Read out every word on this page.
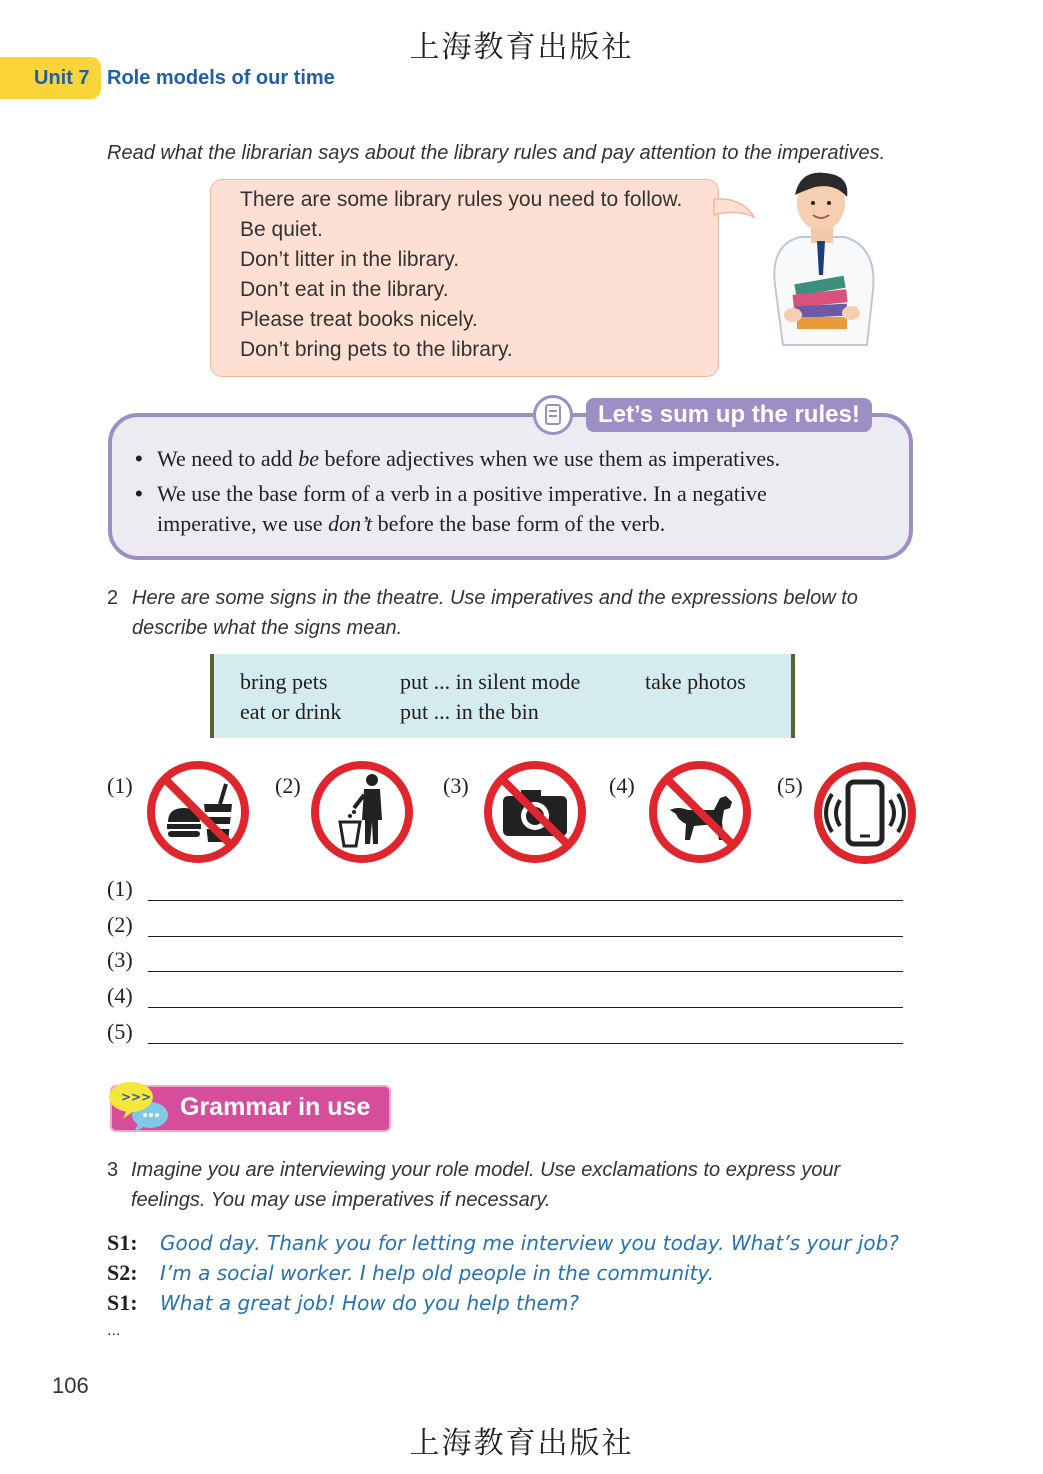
上海教育出版社
Unit 7 Role models of our time
Read what the librarian says about the library rules and pay attention to the imperatives.
There are some library rules you need to follow.
Be quiet.
Don’t litter in the library.
Don’t eat in the library.
Please treat books nicely.
Don’t bring pets to the library.
Let’s sum up the rules!
• We need to add be before adjectives when we use them as imperatives.
• We use the base form of a verb in a positive imperative. In a negative
imperative, we use don’t before the base form of the verb.
2 Here are some signs in the theatre. Use imperatives and the expressions below to
describe what the signs mean.
bring pets	put ... in silent mode	take photos
eat or drink	put ... in the bin
(1)	(2)	(3)	(4)	(5)
(1)
(2)
(3)
(4)
(5)
>>> Grammar in use
3 Imagine you are interviewing your role model. Use exclamations to express your
feelings. You may use imperatives if necessary.
S1: Good day. Thank you for letting me interview you today. What’s your job?
S2: I’m a social worker. I help old people in the community.
S1: What a great job! How do you help them?
...
106
上海教育出版社
